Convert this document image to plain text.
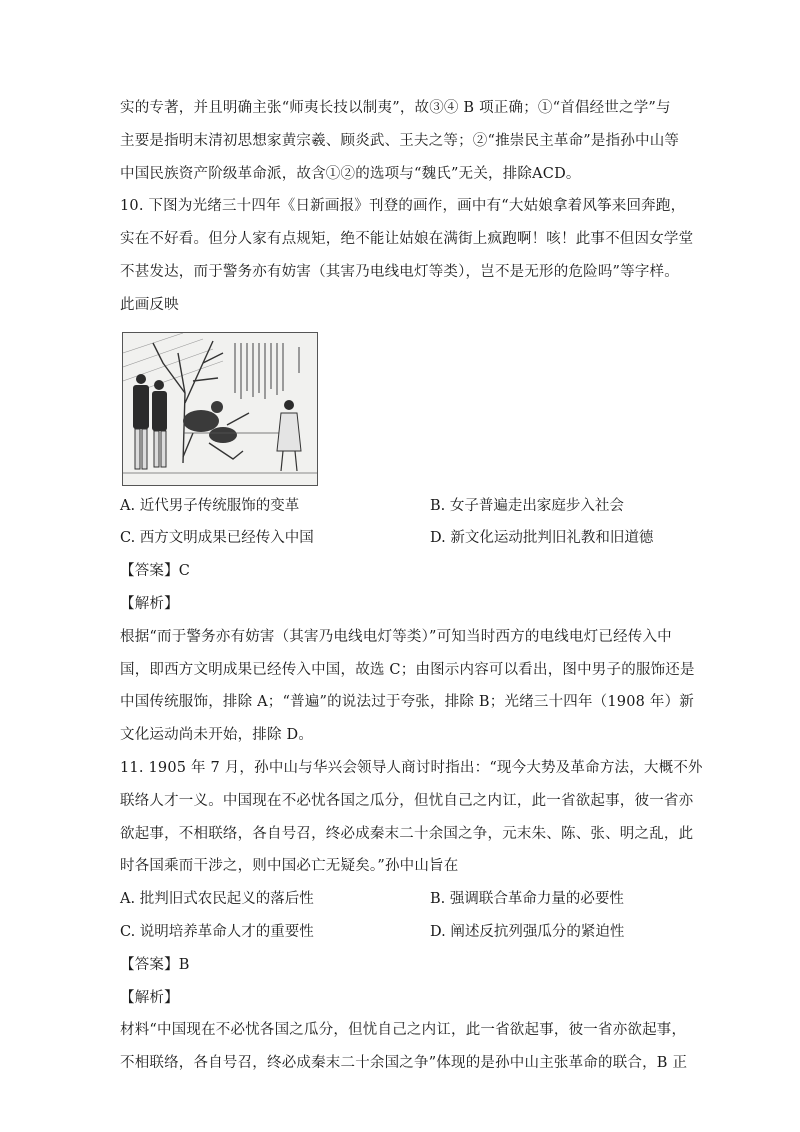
实的专著，并且明确主张“师夷长技以制夷”，故③④ B 项正确；①“首倡经世之学”与

主要是指明末清初思想家黄宗羲、顾炎武、王夫之等；②“推崇民主革命”是指孙中山等

中国民族资产阶级革命派，故含①②的选项与“魏氏”无关，排除ACD。

10. 下图为光绪三十四年《日新画报》刊登的画作，画中有“大姑娘拿着风筝来回奔跑，

实在不好看。但分人家有点规矩，绝不能让姑娘在满街上疯跑啊！咳！此事不但因女学堂

不甚发达，而于警务亦有妨害（其害乃电线电灯等类），岂不是无形的危险吗”等字样。

此画反映

A. 近代男子传统服饰的变革	B. 女子普遍走出家庭步入社会
C. 西方文明成果已经传入中国	D. 新文化运动批判旧礼教和旧道德

【答案】C

【解析】

根据“而于警务亦有妨害（其害乃电线电灯等类）”可知当时西方的电线电灯已经传入中

国，即西方文明成果已经传入中国，故选 C；由图示内容可以看出，图中男子的服饰还是

中国传统服饰，排除 A；“普遍”的说法过于夸张，排除 B；光绪三十四年（1908 年）新

文化运动尚未开始，排除 D。

11. 1905 年 7 月，孙中山与华兴会领导人商讨时指出：“现今大势及革命方法，大概不外

联络人才一义。中国现在不必忧各国之瓜分，但忧自己之内讧，此一省欲起事，彼一省亦

欲起事，不相联络，各自号召，终必成秦末二十余国之争，元末朱、陈、张、明之乱，此

时各国乘而干涉之，则中国必亡无疑矣。”孙中山旨在

A. 批判旧式农民起义的落后性	B. 强调联合革命力量的必要性
C. 说明培养革命人才的重要性	D. 阐述反抗列强瓜分的紧迫性

【答案】B

【解析】

材料“中国现在不必忧各国之瓜分，但忧自己之内讧，此一省欲起事，彼一省亦欲起事，

不相联络，各自号召，终必成秦末二十余国之争”体现的是孙中山主张革命的联合，B 正
